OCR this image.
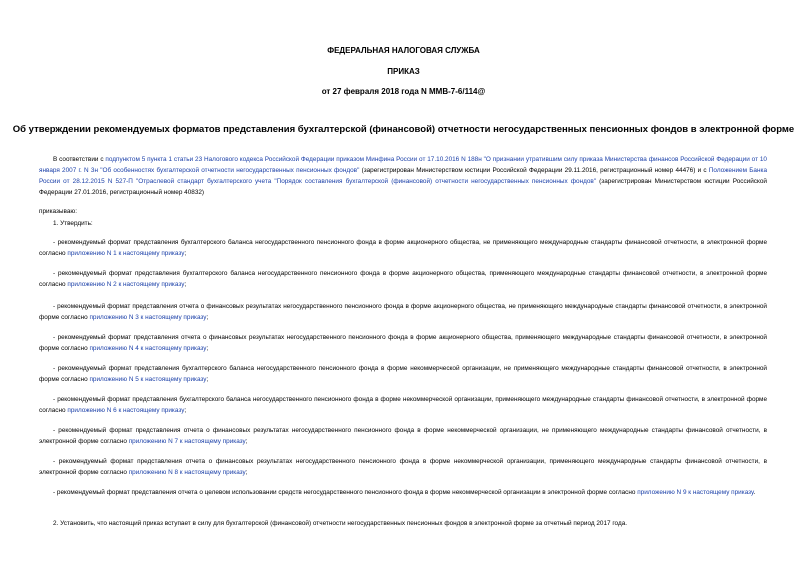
ФЕДЕРАЛЬНАЯ НАЛОГОВАЯ СЛУЖБА
ПРИКАЗ
от 27 февраля 2018 года N ММВ-7-6/114@
Об утверждении рекомендуемых форматов представления бухгалтерской (финансовой) отчетности негосударственных пенсионных фондов в электронной форме
В соответствии с подпунктом 5 пункта 1 статьи 23 Налогового кодекса Российской Федерации приказом Минфина России от 17.10.2016 N 188н "О признании утратившим силу приказа Министерства финансов Российской Федерации от 10 января 2007 г. N 3н "Об особенностях бухгалтерской отчетности негосударственных пенсионных фондов" (зарегистрирован Министерством юстиции Российской Федерации 29.11.2016, регистрационный номер 44476) и с Положением Банка России от 28.12.2015 N 527-П "Отраслевой стандарт бухгалтерского учета "Порядок составления бухгалтерской (финансовой) отчетности негосударственных пенсионных фондов" (зарегистрирован Министерством юстиции Российской Федерации 27.01.2016, регистрационный номер 40832)
приказываю:
1. Утвердить:
- рекомендуемый формат представления бухгалтерского баланса негосударственного пенсионного фонда в форме акционерного общества, не применяющего международные стандарты финансовой отчетности, в электронной форме согласно приложению N 1 к настоящему приказу;
- рекомендуемый формат представления бухгалтерского баланса негосударственного пенсионного фонда в форме акционерного общества, применяющего международные стандарты финансовой отчетности, в электронной форме согласно приложению N 2 к настоящему приказу;
- рекомендуемый формат представления отчета о финансовых результатах негосударственного пенсионного фонда в форме акционерного общества, не применяющего международные стандарты финансовой отчетности, в электронной форме согласно приложению N 3 к настоящему приказу;
- рекомендуемый формат представления отчета о финансовых результатах негосударственного пенсионного фонда в форме акционерного общества, применяющего международные стандарты финансовой отчетности, в электронной форме согласно приложению N 4 к настоящему приказу;
- рекомендуемый формат представления бухгалтерского баланса негосударственного пенсионного фонда в форме некоммерческой организации, не применяющего международные стандарты финансовой отчетности, в электронной форме согласно приложению N 5 к настоящему приказу;
- рекомендуемый формат представления бухгалтерского баланса негосударственного пенсионного фонда в форме некоммерческой организации, применяющего международные стандарты финансовой отчетности, в электронной форме согласно приложению N 6 к настоящему приказу;
- рекомендуемый формат представления отчета о финансовых результатах негосударственного пенсионного фонда в форме некоммерческой организации, не применяющего международные стандарты финансовой отчетности, в электронной форме согласно приложению N 7 к настоящему приказу;
- рекомендуемый формат представления отчета о финансовых результатах негосударственного пенсионного фонда в форме некоммерческой организации, применяющего международные стандарты финансовой отчетности, в электронной форме согласно приложению N 8 к настоящему приказу;
- рекомендуемый формат представления отчета о целевом использовании средств негосударственного пенсионного фонда в форме некоммерческой организации в электронной форме согласно приложению N 9 к настоящему приказу.
2. Установить, что настоящий приказ вступает в силу для бухгалтерской (финансовой) отчетности негосударственных пенсионных фондов в электронной форме за отчетный период 2017 года.
